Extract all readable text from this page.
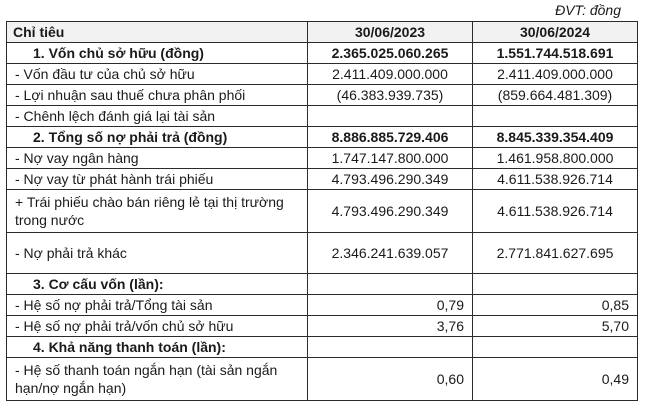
ĐVT: đồng
Chỉ tiêu	30/06/2023	30/06/2024
1. Vốn chủ sở hữu (đồng)	2.365.025.060.265	1.551.744.518.691
- Vốn đầu tư của chủ sở hữu	2.411.409.000.000	2.411.409.000.000
- Lợi nhuận sau thuế chưa phân phối	(46.383.939.735)	(859.664.481.309)
- Chênh lệch đánh giá lại tài sản		
2. Tổng số nợ phải trả (đồng)	8.886.885.729.406	8.845.339.354.409
- Nợ vay ngân hàng	1.747.147.800.000	1.461.958.800.000
- Nợ vay từ phát hành trái phiếu	4.793.496.290.349	4.611.538.926.714
+ Trái phiếu chào bán riêng lẻ tại thị trường trong nước	4.793.496.290.349	4.611.538.926.714
- Nợ phải trả khác	2.346.241.639.057	2.771.841.627.695
3. Cơ cấu vốn (lần):		
- Hệ số nợ phải trả/Tổng tài sản	0,79	0,85
- Hệ số nợ phải trả/vốn chủ sở hữu	3,76	5,70
4. Khả năng thanh toán (lần):		
- Hệ số thanh toán ngắn hạn (tài sản ngắn hạn/nợ ngắn hạn)	0,60	0,49
